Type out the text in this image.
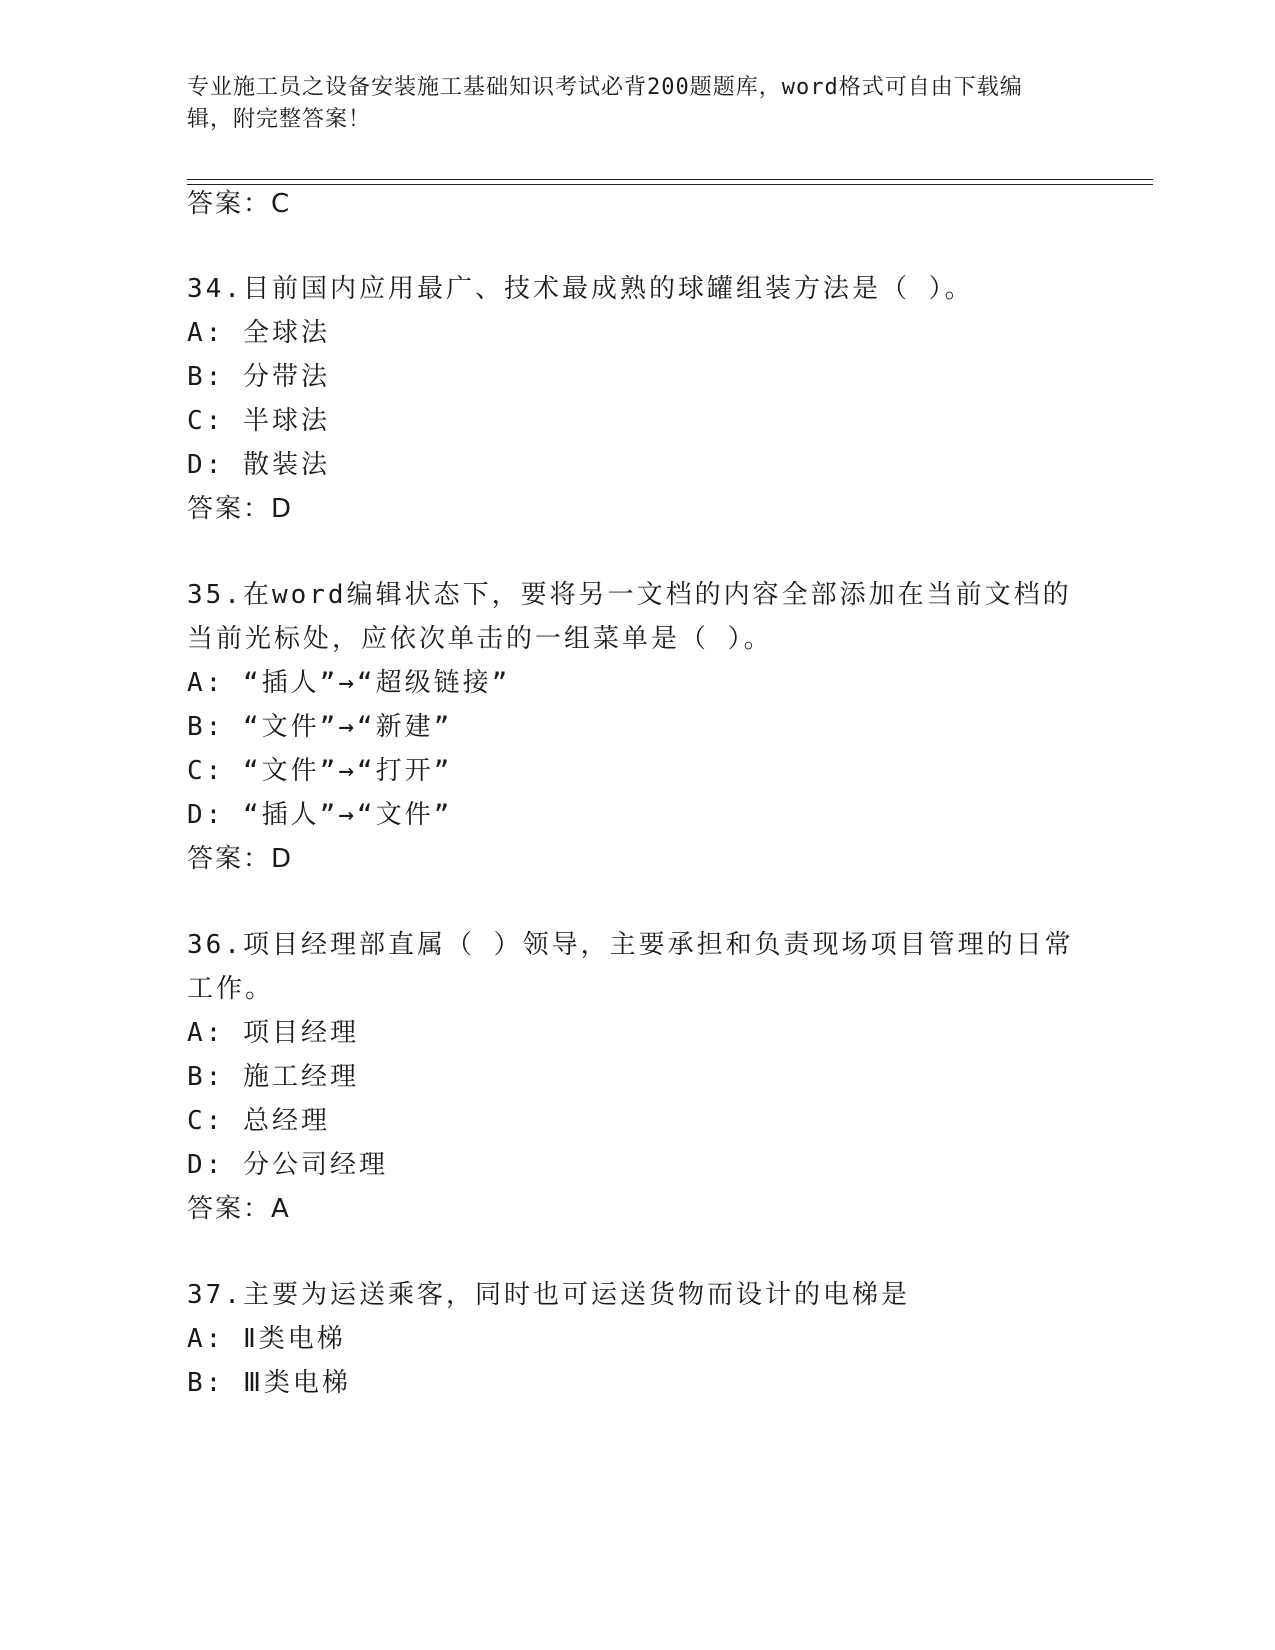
专业施工员之设备安装施工基础知识考试必背200题题库，word格式可自由下载编辑，附完整答案！
答案：C
34.目前国内应用最广、技术最成熟的球罐组装方法是（ ）。
A: 全球法
B: 分带法
C: 半球法
D: 散装法
答案：D
35.在word编辑状态下，要将另一文档的内容全部添加在当前文档的
当前光标处，应依次单击的一组菜单是（ ）。
A: “插人”→“超级链接”
B: “文件”→“新建”
C: “文件”→“打开”
D: “插人”→“文件”
答案：D
36.项目经理部直属（ ）领导，主要承担和负责现场项目管理的日常
工作。
A: 项目经理
B: 施工经理
C: 总经理
D: 分公司经理
答案：A
37.主要为运送乘客，同时也可运送货物而设计的电梯是
A: Ⅱ类电梯
B: Ⅲ类电梯
